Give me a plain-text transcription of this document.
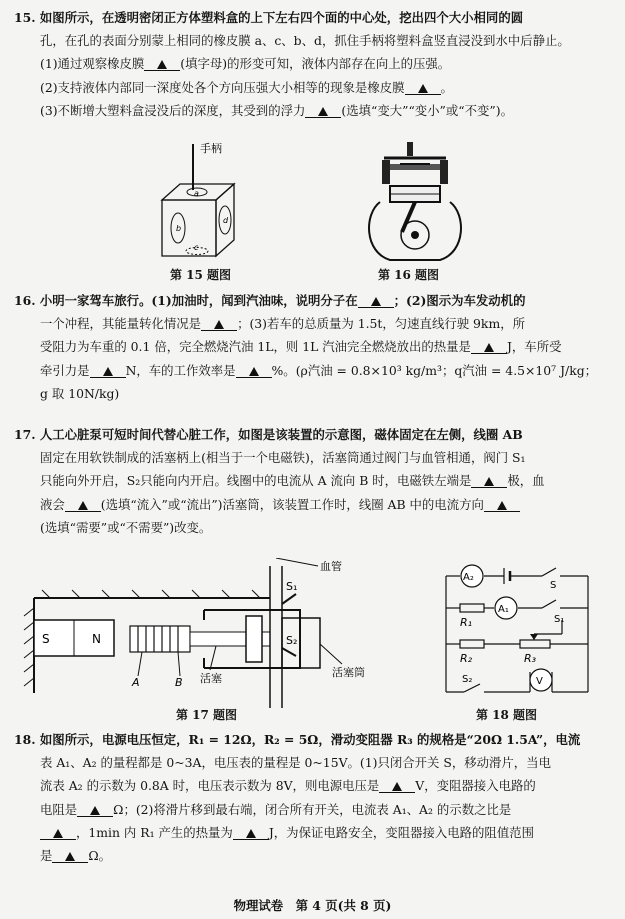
15. 如图所示，在透明密闭正方体塑料盒的上下左右四个面的中心处，挖出四个大小相同的圆

孔，在孔的表面分别蒙上相同的橡皮膜 a、c、b、d，抓住手柄将塑料盒竖直浸没到水中后静止。

(1)通过观察橡皮膜	(填字母)的形变可知，液体内部存在向上的压强。

(2)支持液体内部同一深度处各个方向压强大小相等的现象是橡皮膜	。

(3)不断增大塑料盒浸没后的深度，其受到的浮力	(选填“变大”“变小”或“不变”)。

手柄
a
b
c
d
第 15 题图	第 16 题图

16. 小明一家驾车旅行。(1)加油时，闻到汽油味，说明分子在	；(2)图示为车发动机的

一个冲程，其能量转化情况是	；(3)若车的总质量为 1.5t，匀速直线行驶 9km，所

受阻力为车重的 0.1 倍，完全燃烧汽油 1L，则 1L 汽油完全燃烧放出的热量是	J，车所受

牵引力是	N，车的工作效率是	%。(ρ汽油 = 0.8×10³ kg/m³；q汽油 = 4.5×10⁷ J/kg；

g 取 10N/kg)

17. 人工心脏泵可短时间代替心脏工作，如图是该装置的示意图，磁体固定在左侧，线圈 AB

固定在用软铁制成的活塞柄上(相当于一个电磁铁)，活塞筒通过阀门与血管相通，阀门 S₁

只能向外开启，S₂只能向内开启。线圈中的电流从 A 流向 B 时，电磁铁左端是	极，血

液会	(选填“流入”或“流出”)活塞筒，该装置工作时，线圈 AB 中的电流方向

(选填“需要”或“不需要”)改变。

S	N
A	B 活塞
血管
S₁
S₂
活塞筒
第 17 题图
A₂
A₁
V
S
S₁
S₂
R₁
R₂	R₃
第 18 题图

18. 如图所示，电源电压恒定，R₁ = 12Ω，R₂ = 5Ω，滑动变阻器 R₃ 的规格是“20Ω 1.5A”，电流

表 A₁、A₂ 的量程都是 0~3A，电压表的量程是 0~15V。(1)只闭合开关 S，移动滑片，当电

流表 A₂ 的示数为 0.8A 时，电压表示数为 8V，则电源电压是	V，变阻器接入电路的

电阻是	Ω；(2)将滑片移到最右端，闭合所有开关，电流表 A₁、A₂ 的示数之比是

，1min 内 R₁ 产生的热量为	J，为保证电路安全，变阻器接入电路的阻值范围

是	Ω。

物理试卷　第 4 页(共 8 页)
